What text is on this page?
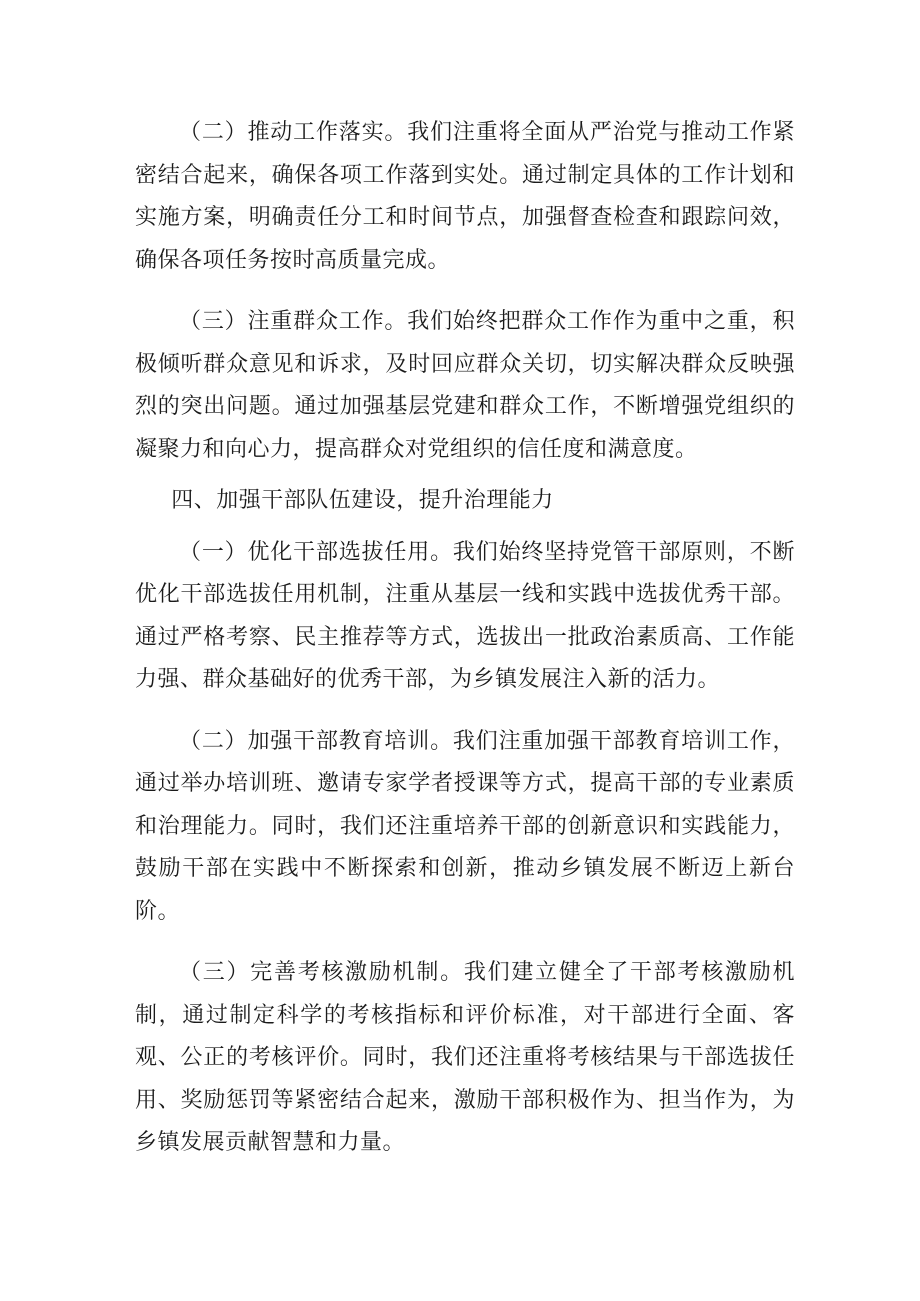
（二）推动工作落实。我们注重将全面从严治党与推动工作紧密结合起来，确保各项工作落到实处。通过制定具体的工作计划和实施方案，明确责任分工和时间节点，加强督查检查和跟踪问效，确保各项任务按时高质量完成。

（三）注重群众工作。我们始终把群众工作作为重中之重，积极倾听群众意见和诉求，及时回应群众关切，切实解决群众反映强烈的突出问题。通过加强基层党建和群众工作，不断增强党组织的凝聚力和向心力，提高群众对党组织的信任度和满意度。

四、加强干部队伍建设，提升治理能力

（一）优化干部选拔任用。我们始终坚持党管干部原则，不断优化干部选拔任用机制，注重从基层一线和实践中选拔优秀干部。通过严格考察、民主推荐等方式，选拔出一批政治素质高、工作能力强、群众基础好的优秀干部，为乡镇发展注入新的活力。

（二）加强干部教育培训。我们注重加强干部教育培训工作，通过举办培训班、邀请专家学者授课等方式，提高干部的专业素质和治理能力。同时，我们还注重培养干部的创新意识和实践能力，鼓励干部在实践中不断探索和创新，推动乡镇发展不断迈上新台阶。

（三）完善考核激励机制。我们建立健全了干部考核激励机制，通过制定科学的考核指标和评价标准，对干部进行全面、客观、公正的考核评价。同时，我们还注重将考核结果与干部选拔任用、奖励惩罚等紧密结合起来，激励干部积极作为、担当作为，为乡镇发展贡献智慧和力量。
